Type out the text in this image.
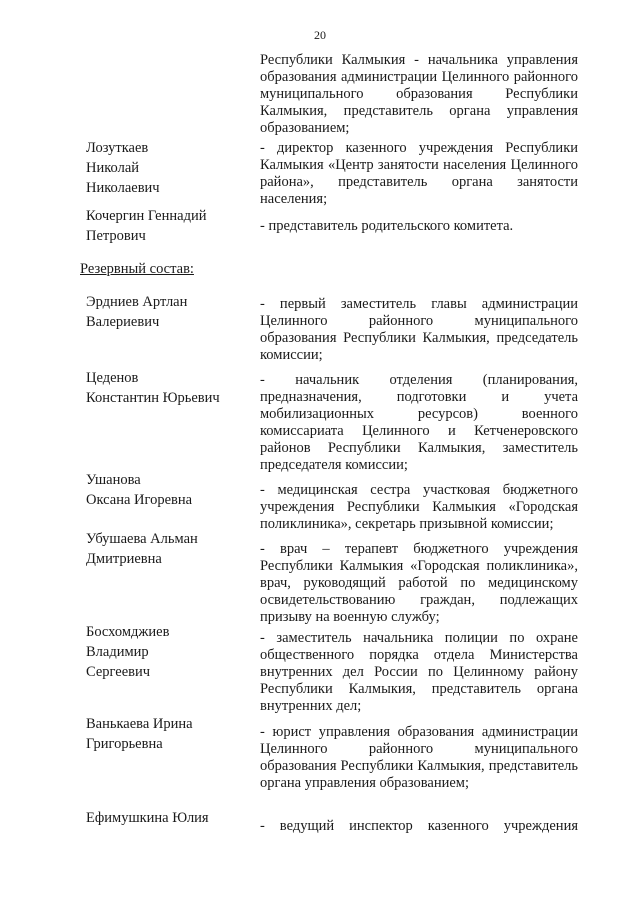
20
Республики Калмыкия - начальника управления образования администрации Целинного районного муниципального образования Республики Калмыкия, представитель органа управления образованием;
Лозуткаев
Николай
Николаевич
- директор казенного учреждения Республики Калмыкия «Центр занятости населения Целинного района», представитель органа занятости населения;
Кочергин Геннадий
Петрович
- представитель родительского комитета.
Резервный состав:
Эрдниев Артлан
Валериевич
- первый заместитель главы администрации Целинного районного муниципального образования Республики Калмыкия, председатель комиссии;
Цеденов
Константин Юрьевич
- начальник отделения (планирования, предназначения, подготовки и учета мобилизационных ресурсов) военного комиссариата Целинного и Кетченеровского районов Республики Калмыкия, заместитель председателя комиссии;
Ушанова
Оксана Игоревна
- медицинская сестра участковая бюджетного учреждения Республики Калмыкия «Городская поликлиника», секретарь призывной комиссии;
Убушаева Альман
Дмитриевна
- врач – терапевт бюджетного учреждения Республики Калмыкия «Городская поликлиника», врач, руководящий работой по медицинскому освидетельствованию граждан, подлежащих призыву на военную службу;
Босхомджиев
Владимир
Сергеевич
- заместитель начальника полиции по охране общественного порядка отдела Министерства внутренних дел России по Целинному району Республики Калмыкия, представитель органа внутренних дел;
Ванькаева Ирина
Григорьевна
- юрист управления образования администрации Целинного районного муниципального образования Республики Калмыкия, представитель органа управления образованием;
Ефимушкина Юлия	- ведущий инспектор казенного учреждения
